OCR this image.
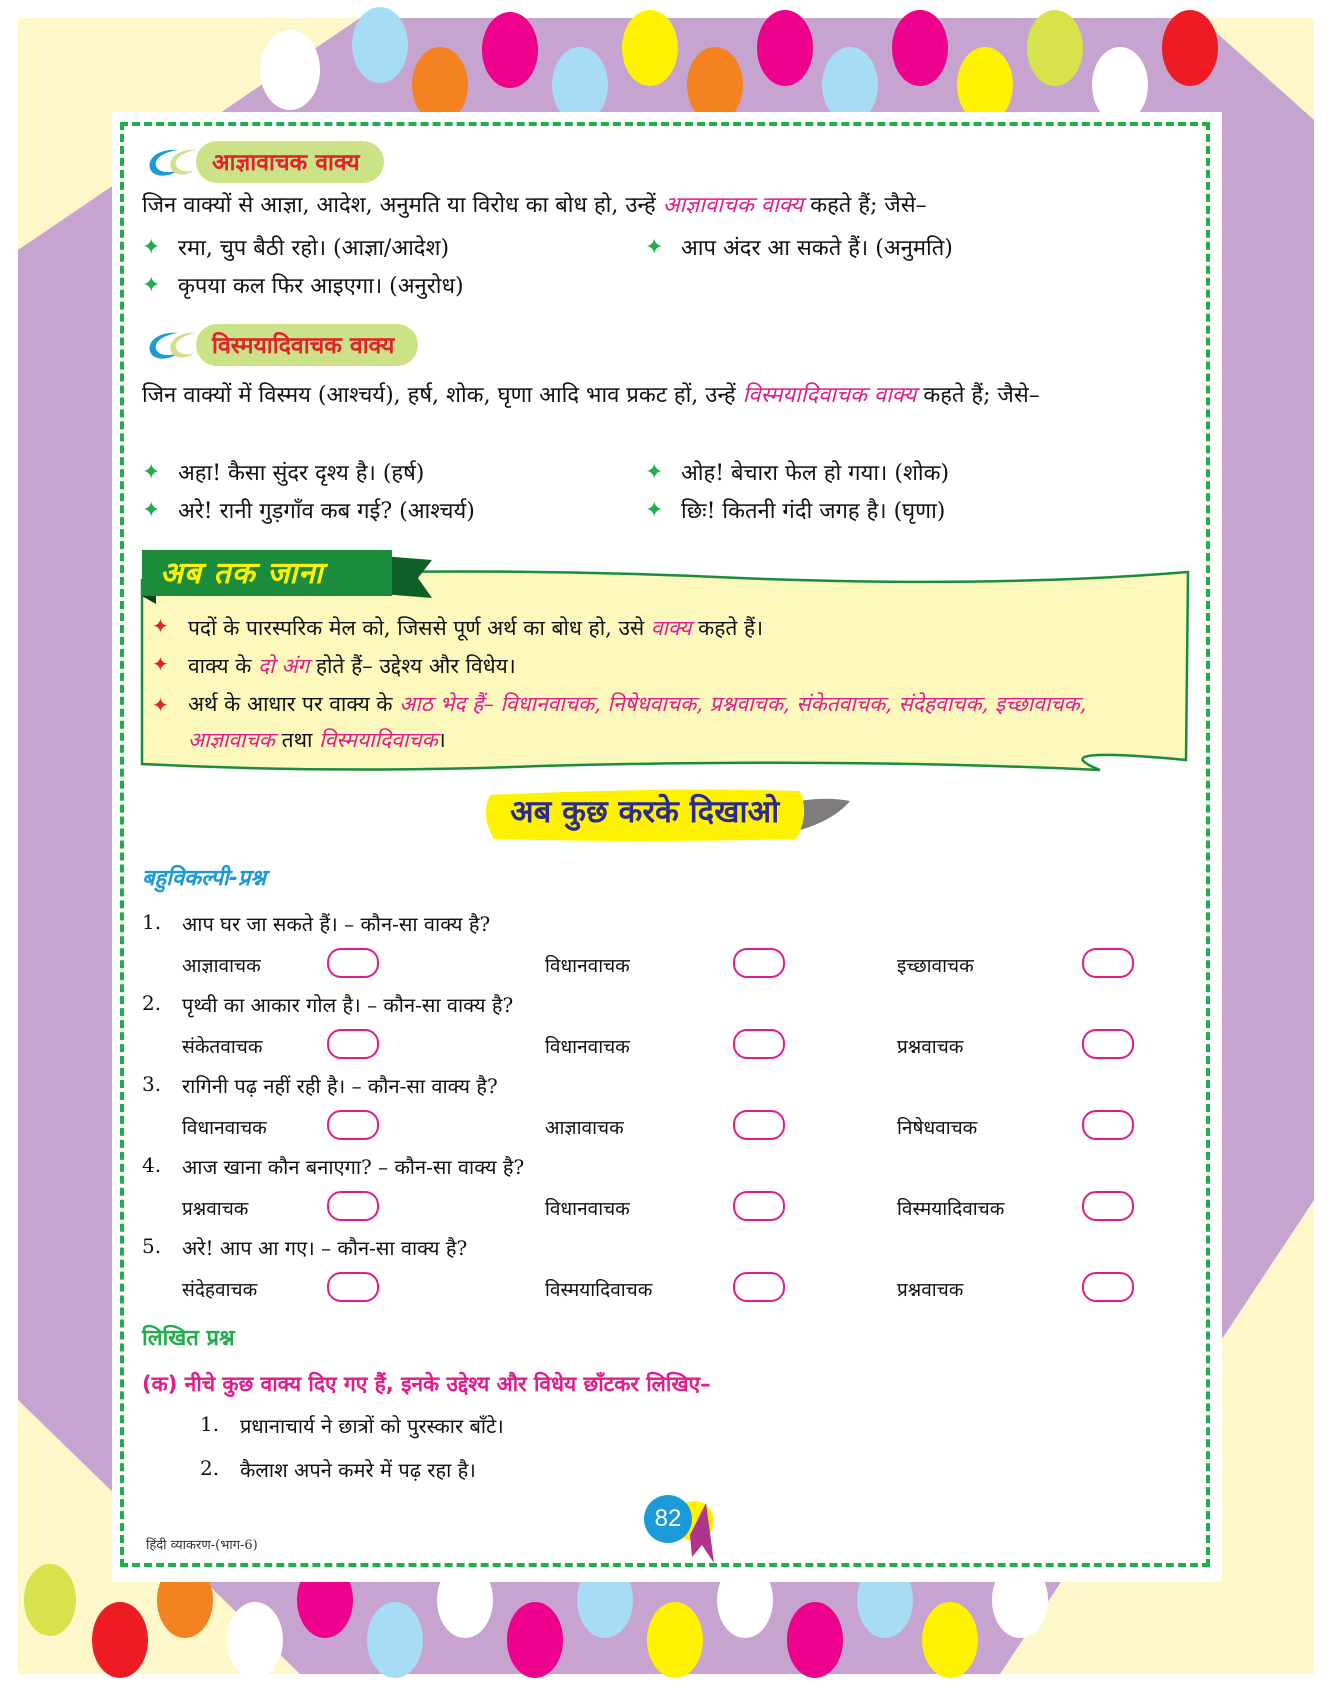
आज्ञावाचक वाक्य
जिन वाक्यों से आज्ञा, आदेश, अनुमति या विरोध का बोध हो, उन्हें आज्ञावाचक वाक्य कहते हैं; जैसे–
✦ रमा, चुप बैठी रहो। (आज्ञा/आदेश)	✦ आप अंदर आ सकते हैं। (अनुमति)
✦ कृपया कल फिर आइएगा। (अनुरोध)
विस्मयादिवाचक वाक्य
जिन वाक्यों में विस्मय (आश्चर्य), हर्ष, शोक, घृणा आदि भाव प्रकट हों, उन्हें विस्मयादिवाचक वाक्य कहते हैं; जैसे–
✦ अहा! कैसा सुंदर दृश्य है। (हर्ष)	✦ ओह! बेचारा फेल हो गया। (शोक)
✦ अरे! रानी गुड़गाँव कब गई? (आश्चर्य)	✦ छिः! कितनी गंदी जगह है। (घृणा)
अब तक जाना
✦ पदों के पारस्परिक मेल को, जिससे पूर्ण अर्थ का बोध हो, उसे वाक्य कहते हैं।
✦ वाक्य के दो अंग होते हैं– उद्देश्य और विधेय।
✦ अर्थ के आधार पर वाक्य के आठ भेद हैं– विधानवाचक, निषेधवाचक, प्रश्नवाचक, संकेतवाचक, संदेहवाचक, इच्छावाचक, आज्ञावाचक तथा विस्मयादिवाचक।
अब कुछ करके दिखाओ
बहुविकल्पी-प्रश्न
1.	आप घर जा सकते हैं। – कौन-सा वाक्य है?
आज्ञावाचक	विधानवाचक	इच्छावाचक
2.	पृथ्वी का आकार गोल है। – कौन-सा वाक्य है?
संकेतवाचक	विधानवाचक	प्रश्नवाचक
3.	रागिनी पढ़ नहीं रही है। – कौन-सा वाक्य है?
विधानवाचक	आज्ञावाचक	निषेधवाचक
4.	आज खाना कौन बनाएगा? – कौन-सा वाक्य है?
प्रश्नवाचक	विधानवाचक	विस्मयादिवाचक
5.	अरे! आप आ गए। – कौन-सा वाक्य है?
संदेहवाचक	विस्मयादिवाचक	प्रश्नवाचक
लिखित प्रश्न
(क) नीचे कुछ वाक्य दिए गए हैं, इनके उद्देश्य और विधेय छाँटकर लिखिए–
1.	प्रधानाचार्य ने छात्रों को पुरस्कार बाँटे।
2.	कैलाश अपने कमरे में पढ़ रहा है।
हिंदी व्याकरण-(भाग-6)
82
